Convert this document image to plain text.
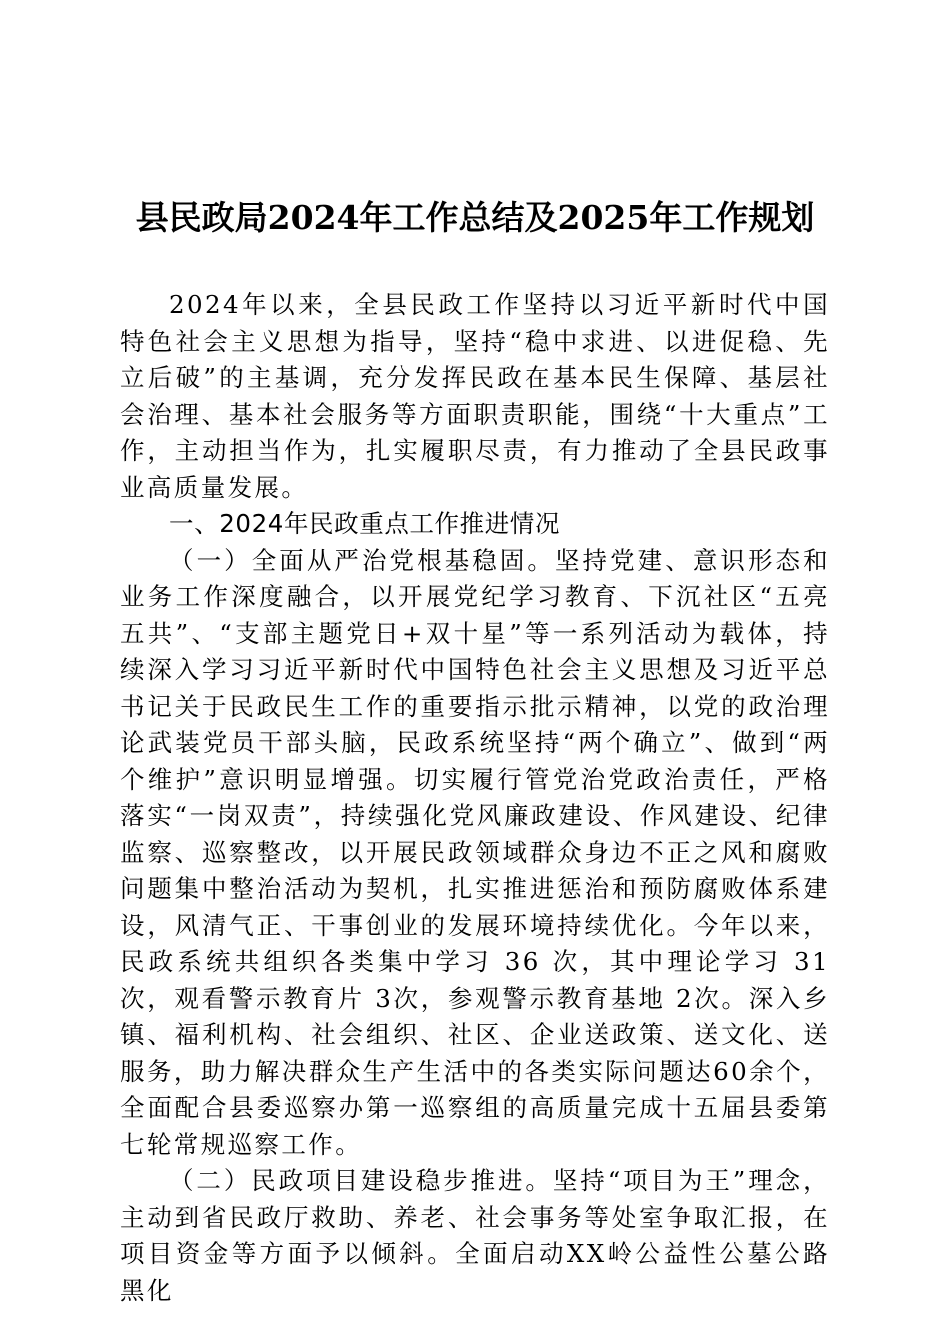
县民政局2024年工作总结及2025年工作规划

2024年以来，全县民政工作坚持以习近平新时代中国特色社会主义思想为指导，坚持“稳中求进、以进促稳、先立后破”的主基调，充分发挥民政在基本民生保障、基层社会治理、基本社会服务等方面职责职能，围绕“十大重点”工作，主动担当作为，扎实履职尽责，有力推动了全县民政事业高质量发展。

一、2024年民政重点工作推进情况

（一）全面从严治党根基稳固。坚持党建、意识形态和业务工作深度融合，以开展党纪学习教育、下沉社区“五亮五共”、“支部主题党日+双十星”等一系列活动为载体，持续深入学习习近平新时代中国特色社会主义思想及习近平总书记关于民政民生工作的重要指示批示精神，以党的政治理论武装党员干部头脑，民政系统坚持“两个确立”、做到“两个维护”意识明显增强。切实履行管党治党政治责任，严格落实“一岗双责”，持续强化党风廉政建设、作风建设、纪律监察、巡察整改，以开展民政领域群众身边不正之风和腐败问题集中整治活动为契机，扎实推进惩治和预防腐败体系建设，风清气正、干事创业的发展环境持续优化。今年以来，民政系统共组织各类集中学习 36 次，其中理论学习 31次，观看警示教育片 3次，参观警示教育基地 2次。深入乡镇、福利机构、社会组织、社区、企业送政策、送文化、送服务，助力解决群众生产生活中的各类实际问题达60余个，全面配合县委巡察办第一巡察组的高质量完成十五届县委第七轮常规巡察工作。

（二）民政项目建设稳步推进。坚持“项目为王”理念，主动到省民政厅救助、养老、社会事务等处室争取汇报，在项目资金等方面予以倾斜。全面启动XX岭公益性公墓公路黑化
